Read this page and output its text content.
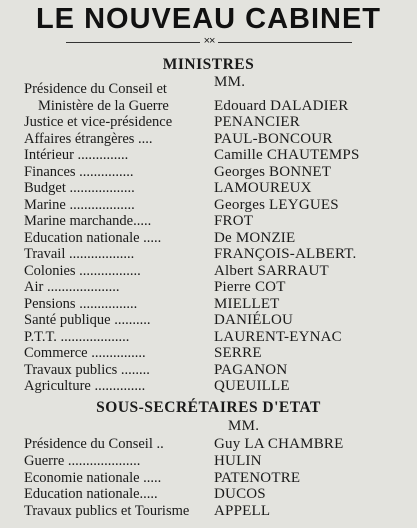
LE NOUVEAU CABINET
××
MINISTRES
MM.
Présidence du Conseil et
Ministère de la Guerre	Edouard DALADIER
Justice et vice-présidence	PENANCIER
Affaires étrangères ....	PAUL-BONCOUR
Intérieur ..............	Camille CHAUTEMPS
Finances ...............	Georges BONNET
Budget ..................	LAMOUREUX
Marine ..................	Georges LEYGUES
Marine marchande.....	FROT
Education nationale .....	De MONZIE
Travail ..................	FRANÇOIS-ALBERT.
Colonies .................	Albert SARRAUT
Air ....................	Pierre COT
Pensions ................	MIELLET
Santé publique ..........	DANIÉLOU
P.T.T. ...................	LAURENT-EYNAC
Commerce ...............	SERRE
Travaux publics ........	PAGANON
Agriculture ..............	QUEUILLE
SOUS-SECRÉTAIRES D'ETAT
MM.
Présidence du Conseil ..	Guy LA CHAMBRE
Guerre ....................	HULIN
Economie nationale .....	PATENOTRE
Education nationale.....	DUCOS
Travaux publics et Tourisme APPELL
